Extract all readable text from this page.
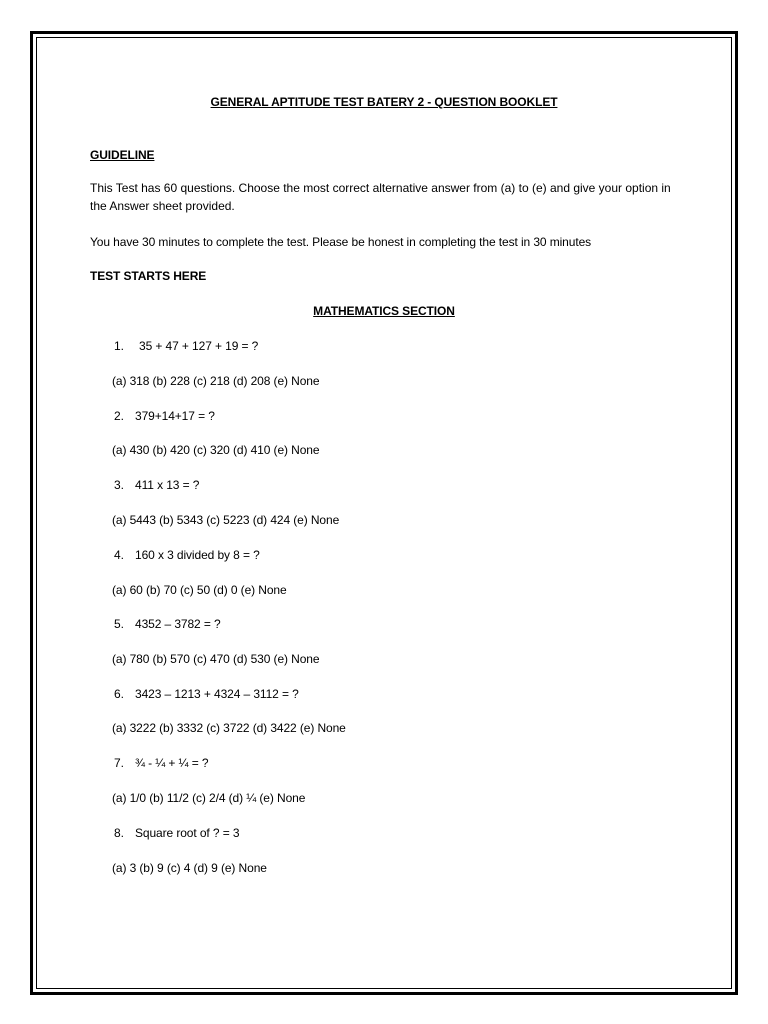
GENERAL APTITUDE TEST BATERY 2 - QUESTION BOOKLET
GUIDELINE
This Test has 60 questions. Choose the most correct alternative answer from (a) to (e) and give your option in the Answer sheet provided.
You have 30 minutes to complete the test. Please be honest in completing the test in 30 minutes
TEST STARTS HERE
MATHEMATICS SECTION
1. 35 + 47 + 127 + 19 = ?
(a) 318 (b) 228 (c) 218 (d) 208 (e) None
2. 379+14+17 = ?
(a) 430 (b) 420 (c) 320 (d) 410 (e) None
3. 411 x 13 = ?
(a) 5443 (b) 5343 (c) 5223 (d) 424 (e) None
4. 160 x 3 divided by 8 = ?
(a) 60 (b) 70 (c) 50 (d) 0 (e) None
5. 4352 – 3782 = ?
(a) 780 (b) 570 (c) 470 (d) 530 (e) None
6. 3423 – 1213 + 4324 – 3112 = ?
(a) 3222 (b) 3332 (c) 3722 (d) 3422 (e) None
7. ¾ - ¼ + ¼ = ?
(a) 1/0 (b) 11/2 (c) 2/4 (d) ¼ (e) None
8. Square root of ? = 3
(a) 3 (b) 9 (c) 4 (d) 9 (e) None
